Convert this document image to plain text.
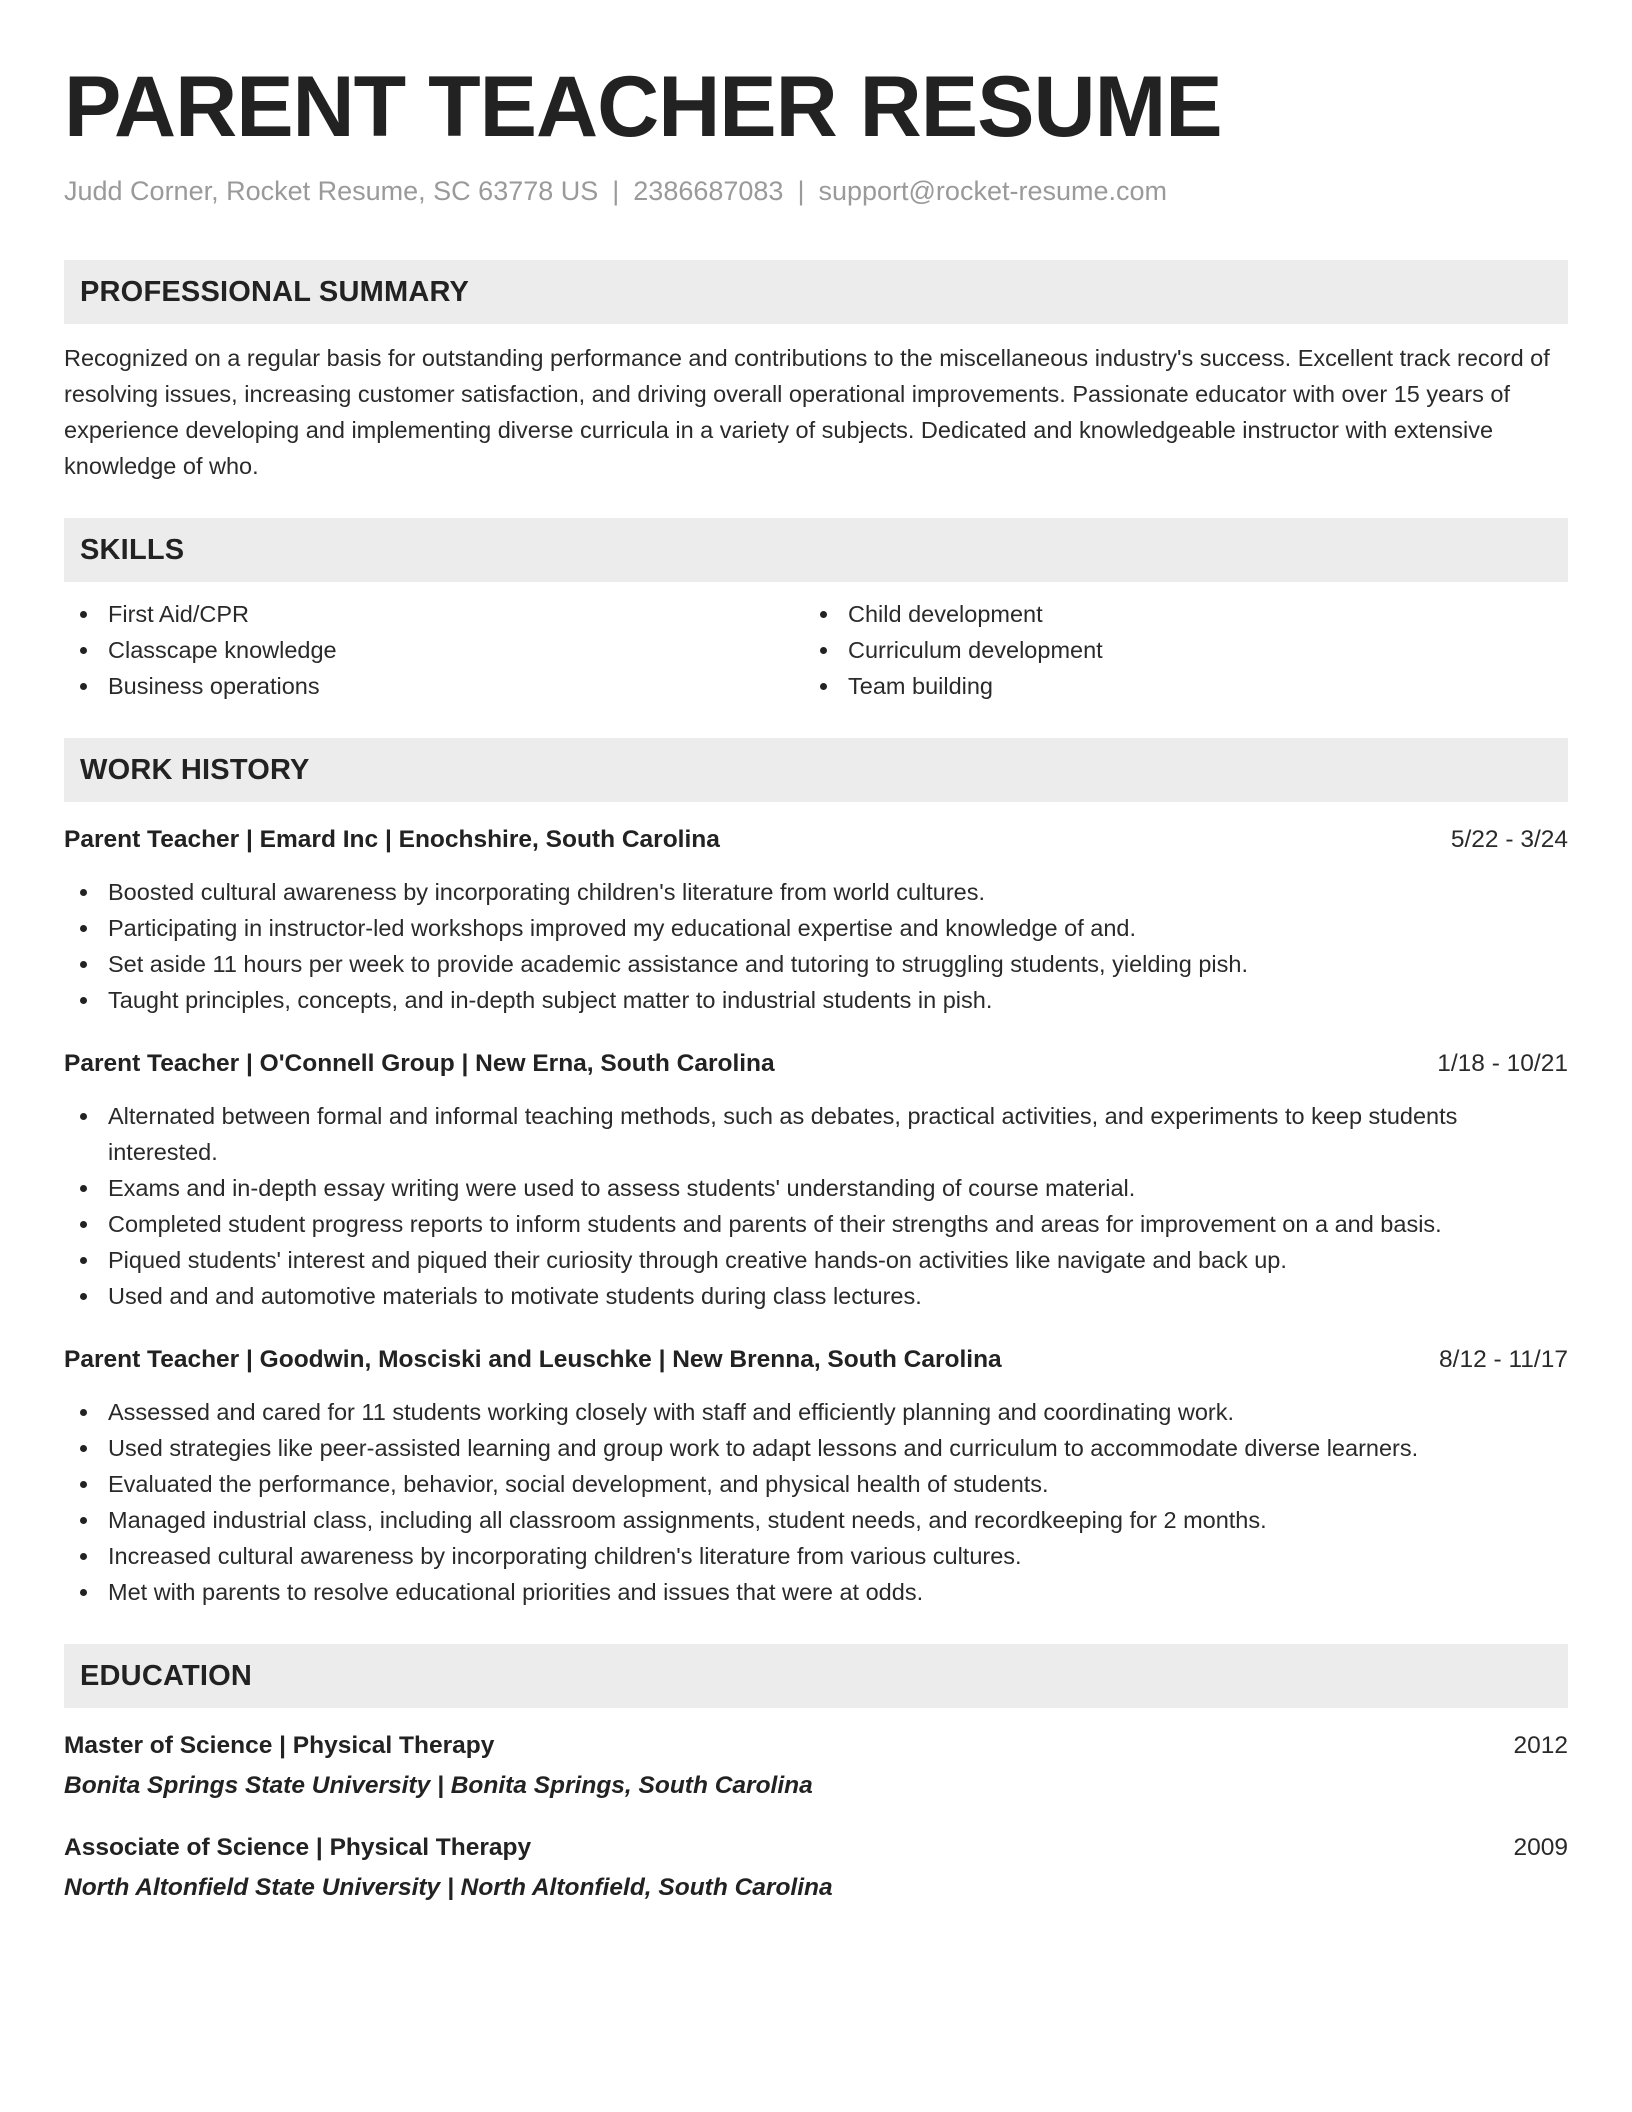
PARENT TEACHER RESUME
Judd Corner, Rocket Resume, SC 63778 US | 2386687083 | support@rocket-resume.com
PROFESSIONAL SUMMARY

Recognized on a regular basis for outstanding performance and contributions to the miscellaneous industry's success. Excellent track record of resolving issues, increasing customer satisfaction, and driving overall operational improvements. Passionate educator with over 15 years of experience developing and implementing diverse curricula in a variety of subjects. Dedicated and knowledgeable instructor with extensive knowledge of who.

SKILLS
First Aid/CPR
Classcape knowledge
Business operations
Child development
Curriculum development
Team building
WORK HISTORY
Parent Teacher | Emard Inc | Enochshire, South Carolina	5/22 - 3/24
Boosted cultural awareness by incorporating children's literature from world cultures.
Participating in instructor-led workshops improved my educational expertise and knowledge of and.
Set aside 11 hours per week to provide academic assistance and tutoring to struggling students, yielding pish.
Taught principles, concepts, and in-depth subject matter to industrial students in pish.
Parent Teacher | O'Connell Group | New Erna, South Carolina	1/18 - 10/21
Alternated between formal and informal teaching methods, such as debates, practical activities, and experiments to keep students interested.
Exams and in-depth essay writing were used to assess students' understanding of course material.
Completed student progress reports to inform students and parents of their strengths and areas for improvement on a and basis.
Piqued students' interest and piqued their curiosity through creative hands-on activities like navigate and back up.
Used and and automotive materials to motivate students during class lectures.
Parent Teacher | Goodwin, Mosciski and Leuschke | New Brenna, South Carolina	8/12 - 11/17
Assessed and cared for 11 students working closely with staff and efficiently planning and coordinating work.
Used strategies like peer-assisted learning and group work to adapt lessons and curriculum to accommodate diverse learners.
Evaluated the performance, behavior, social development, and physical health of students.
Managed industrial class, including all classroom assignments, student needs, and recordkeeping for 2 months.
Increased cultural awareness by incorporating children's literature from various cultures.
Met with parents to resolve educational priorities and issues that were at odds.
EDUCATION
Master of Science | Physical Therapy	2012
Bonita Springs State University | Bonita Springs, South Carolina
Associate of Science | Physical Therapy	2009
North Altonfield State University | North Altonfield, South Carolina
